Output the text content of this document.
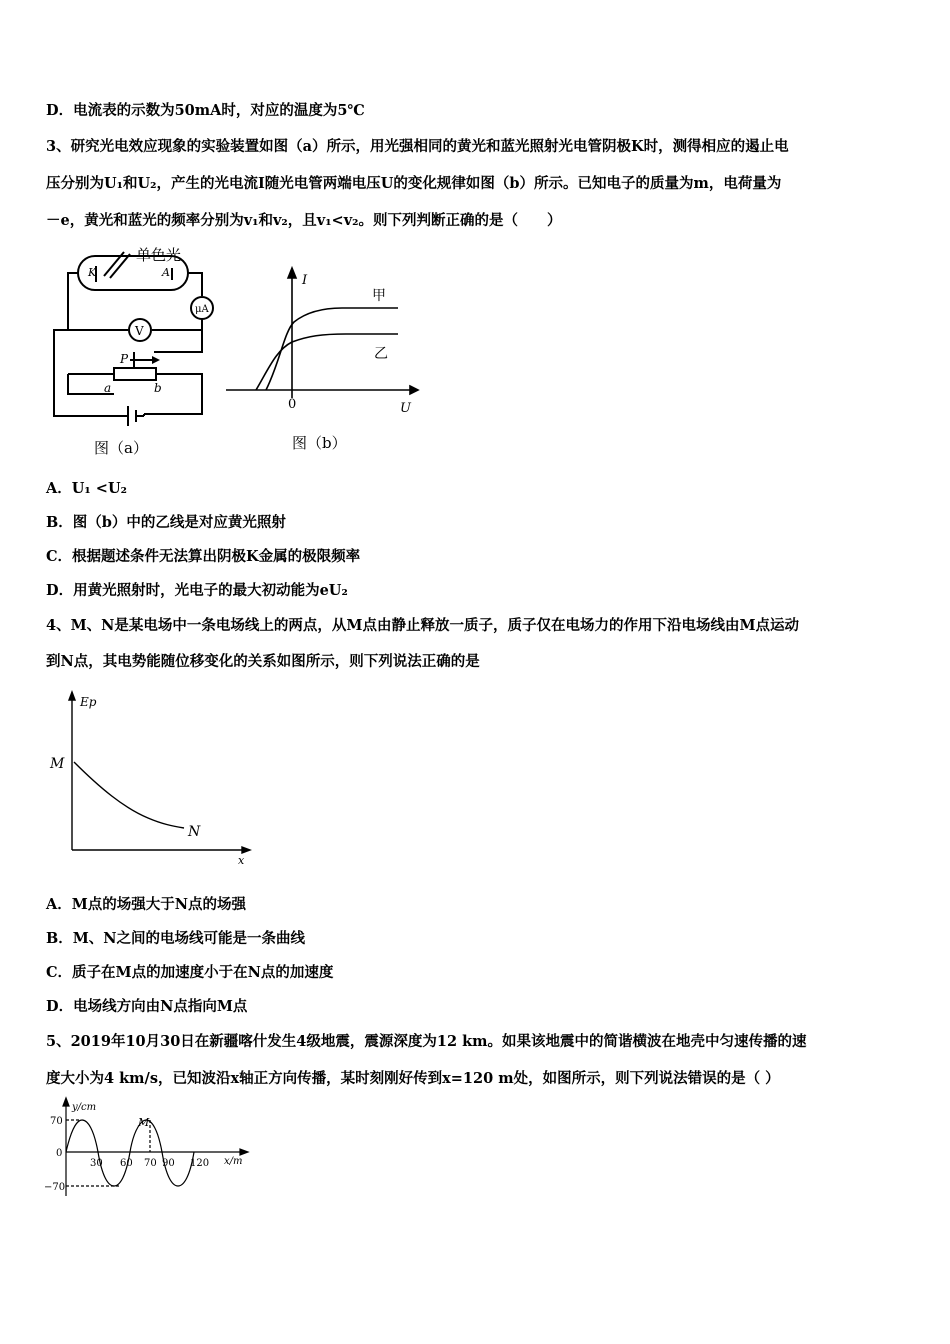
D．电流表的示数为50mA时，对应的温度为5℃
3、研究光电效应现象的实验装置如图（a）所示，用光强相同的黄光和蓝光照射光电管阴极K时，测得相应的遏止电
压分别为U₁和U₂，产生的光电流I随光电管两端电压U的变化规律如图（b）所示。已知电子的质量为m，电荷量为
－e，黄光和蓝光的频率分别为v₁和v₂，且v₁<v₂。则下列判断正确的是（　　）
单色光
K	A
μA
V
P
a	b
图（a）
I
U
0
甲
乙
图（b）
A．U₁ <U₂
B．图（b）中的乙线是对应黄光照射
C．根据题述条件无法算出阴极K金属的极限频率
D．用黄光照射时，光电子的最大初动能为eU₂
4、M、N是某电场中一条电场线上的两点，从M点由静止释放一质子，质子仅在电场力的作用下沿电场线由M点运动
到N点，其电势能随位移变化的关系如图所示，则下列说法正确的是
Ep
M
N
x
A．M点的场强大于N点的场强
B．M、N之间的电场线可能是一条曲线
C．质子在M点的加速度小于在N点的加速度
D．电场线方向由N点指向M点
5、2019年10月30日在新疆喀什发生4级地震，震源深度为12 km。如果该地震中的简谐横波在地壳中匀速传播的速
度大小为4 km/s，已知波沿x轴正方向传播，某时刻刚好传到x=120 m处，如图所示，则下列说法错误的是（ ）
y/cm
x/m
70
0
−70
30 60 70 90 120
M
